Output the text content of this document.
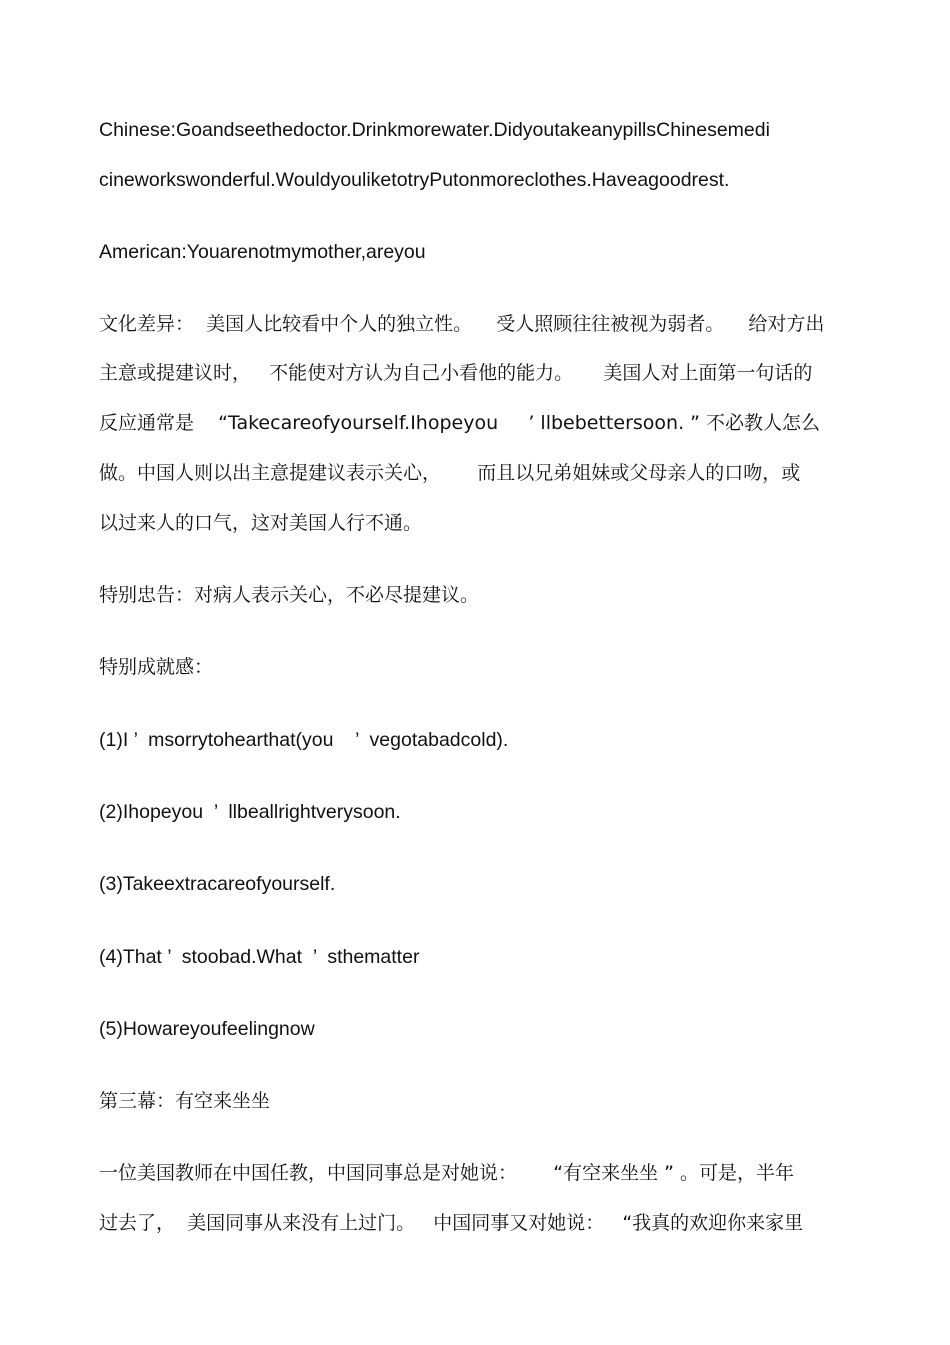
Chinese:Goandseethedoctor.Drinkmorewater.DidyoutakeanypillsChinesemedi
cineworkswonderful.WouldyouliketotryPutonmoreclothes.Haveagoodrest.
American:Youarenotmymother,areyou
文化差异：  美国人比较看中个人的独立性。    受人照顾往往被视为弱者。    给对方出
主意或提建议时，   不能使对方认为自己小看他的能力。     美国人对上面第一句话的
反应通常是    “Takecareofyourself.Ihopeyou     ’ llbebettersoon. ” 不必教人怎么
做。中国人则以出主意提建议表示关心，      而且以兄弟姐妹或父母亲人的口吻，或
以过来人的口气，这对美国人行不通。
特别忠告：对病人表示关心，不必尽提建议。
特别成就感：
(1)I ’  msorrytohearthat(you    ’  vegotabadcold).
(2)Ihopeyou  ’  llbeallrightverysoon.
(3)Takeextracareofyourself.
(4)That ’  stoobad.What  ’  sthematter
(5)Howareyoufeelingnow
第三幕：有空来坐坐
一位美国教师在中国任教，中国同事总是对她说：      “有空来坐坐 ” 。可是，半年
过去了，  美国同事从来没有上过门。   中国同事又对她说：   “我真的欢迎你来家里
